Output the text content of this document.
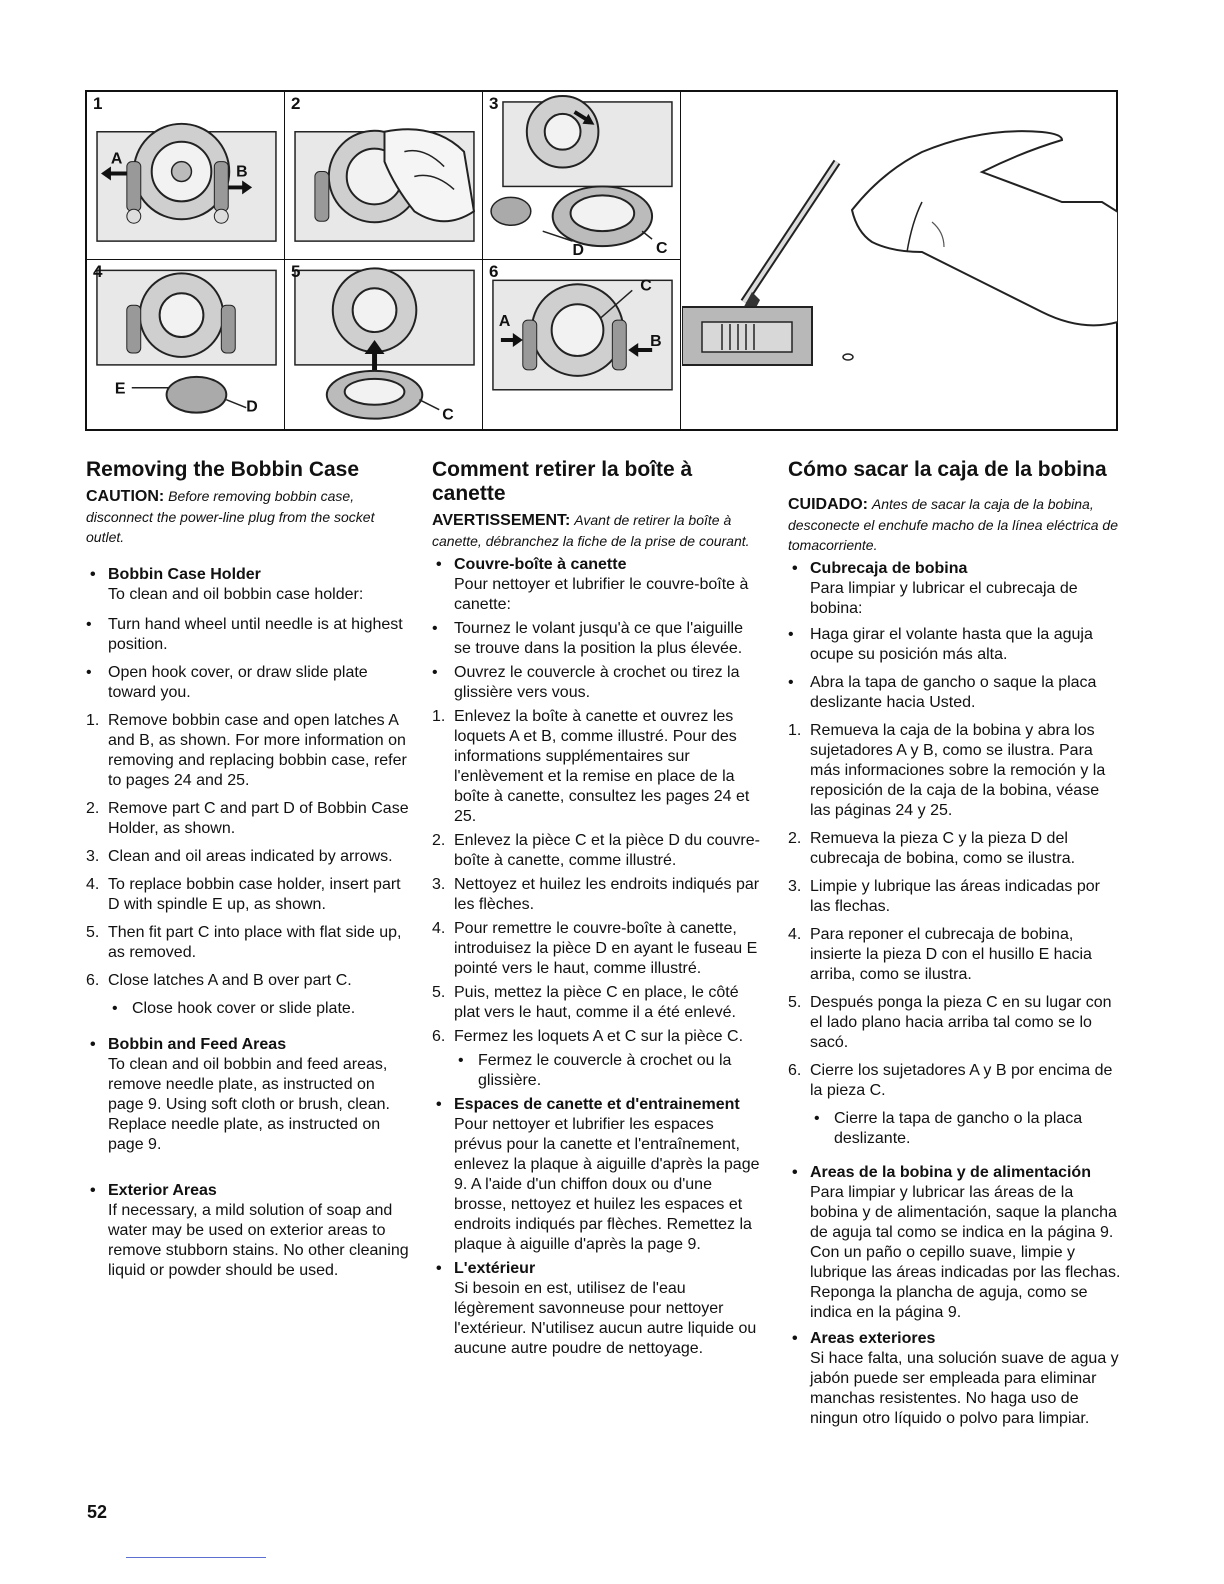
1
A
B
2	3
D	C
4
E
D
5
C
6
C
A
B
Removing the Bobbin Case
CAUTION: Before removing bobbin case, disconnect the power-line plug from the socket outlet.
• Bobbin Case Holder
To clean and oil bobbin case holder:
•	Turn hand wheel until needle is at highest position.
•	Open hook cover, or draw slide plate toward you.
1. Remove bobbin case and open latches A and B, as shown. For more information on removing and replacing bobbin case, refer to pages 24 and 25.
2. Remove part C and part D of Bobbin Case Holder, as shown.
3. Clean and oil areas indicated by arrows.
4. To replace bobbin case holder, insert part D with spindle E up, as shown.
5. Then fit part C into place with flat side up, as removed.
6. Close latches A and B over part C.
• Close hook cover or slide plate.
• Bobbin and Feed Areas
To clean and oil bobbin and feed areas, remove needle plate, as instructed on page 9. Using soft cloth or brush, clean. Replace needle plate, as instructed on page 9.
• Exterior Areas
If necessary, a mild solution of soap and water may be used on exterior areas to remove stubborn stains. No other cleaning liquid or powder should be used.
Comment retirer la boîte à canette
AVERTISSEMENT: Avant de retirer la boîte à canette, débranchez la fiche de la prise de courant.
• Couvre-boîte à canette
Pour nettoyer et lubrifier le couvre-boîte à canette:
•	Tournez le volant jusqu'à ce que l'aiguille se trouve dans la position la plus élevée.
•	Ouvrez le couvercle à crochet ou tirez la glissière vers vous.
1. Enlevez la boîte à canette et ouvrez les loquets A et B, comme illustré. Pour des informations supplémentaires sur l'enlèvement et la remise en place de la boîte à canette, consultez les pages 24 et 25.
2. Enlevez la pièce C et la pièce D du couvre-boîte à canette, comme illustré.
3. Nettoyez et huilez les endroits indiqués par les flèches.
4. Pour remettre le couvre-boîte à canette, introduisez la pièce D en ayant le fuseau E pointé vers le haut, comme illustré.
5. Puis, mettez la pièce C en place, le côté plat vers le haut, comme il a été enlevé.
6. Fermez les loquets A et C sur la pièce C.
• Fermez le couvercle à crochet ou la glissière.
• Espaces de canette et d'entrainement
Pour nettoyer et lubrifier les espaces prévus pour la canette et l'entraînement, enlevez la plaque à aiguille d'après la page 9. A l'aide d'un chiffon doux ou d'une brosse, nettoyez et huilez les espaces et endroits indiqués par flèches. Remettez la plaque à aiguille d'après la page 9.
• L'extérieur
Si besoin en est, utilisez de l'eau légèrement savonneuse pour nettoyer l'extérieur. N'utilisez aucun autre liquide ou aucune autre poudre de nettoyage.
Cómo sacar la caja de la bobina
CUIDADO: Antes de sacar la caja de la bobina, desconecte el enchufe macho de la línea eléctrica de tomacorriente.
• Cubrecaja de bobina
Para limpiar y lubricar el cubrecaja de bobina:
•	Haga girar el volante hasta que la aguja ocupe su posición más alta.
•	Abra la tapa de gancho o saque la placa deslizante hacia Usted.
1. Remueva la caja de la bobina y abra los sujetadores A y B, como se ilustra. Para más informaciones sobre la remoción y la reposición de la caja de la bobina, véase las páginas 24 y 25.
2. Remueva la pieza C y la pieza D del cubrecaja de bobina, como se ilustra.
3. Limpie y lubrique las áreas indicadas por las flechas.
4. Para reponer el cubrecaja de bobina, insierte la pieza D con el husillo E hacia arriba, como se ilustra.
5. Después ponga la pieza C en su lugar con el lado plano hacia arriba tal como se lo sacó.
6. Cierre los sujetadores A y B por encima de la pieza C.
• Cierre la tapa de gancho o la placa deslizante.
• Areas de la bobina y de alimentación
Para limpiar y lubricar las áreas de la bobina y de alimentación, saque la plancha de aguja tal como se indica en la página 9. Con un paño o cepillo suave, limpie y lubrique las áreas indicadas por las flechas. Reponga la plancha de aguja, como se indica en la página 9.
• Areas exteriores
Si hace falta, una solución suave de agua y jabón puede ser empleada para eliminar manchas resistentes. No haga uso de ningun otro líquido o polvo para limpiar.
52
